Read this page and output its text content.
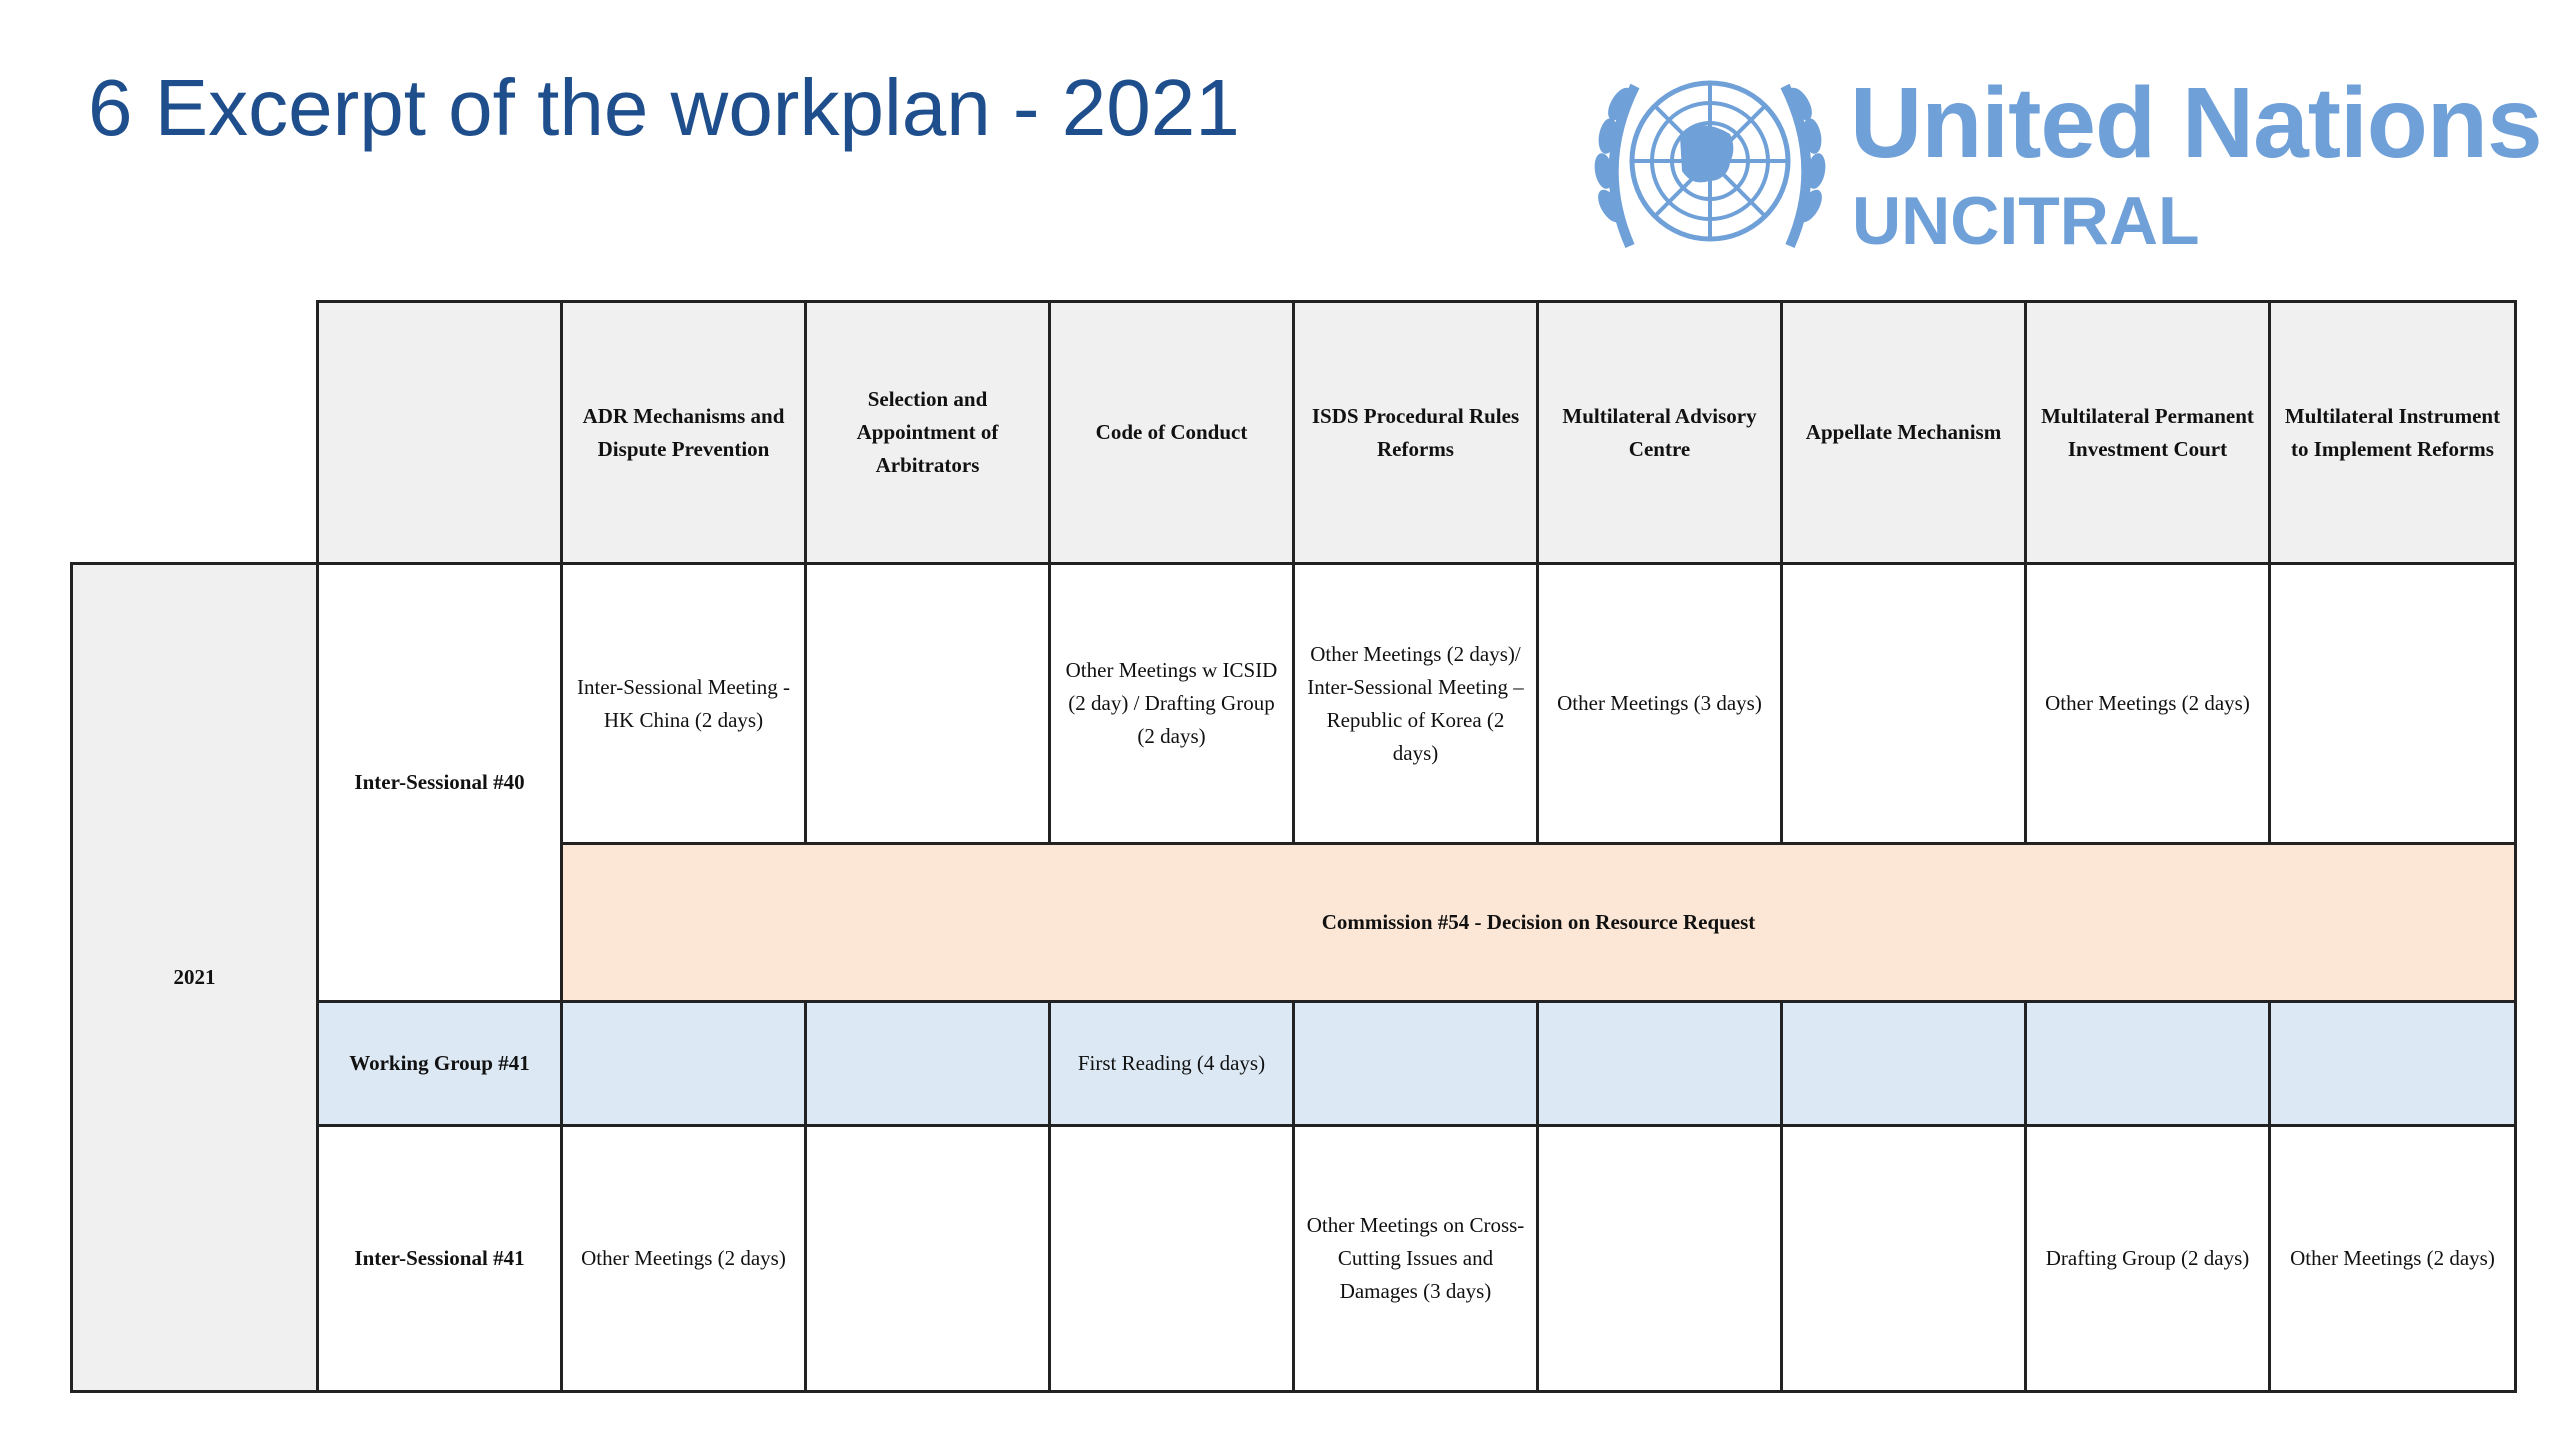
6 Excerpt of the workplan - 2021	United Nations
UNCITRAL
		ADR Mechanisms and Dispute Prevention	Selection and Appointment of Arbitrators	Code of Conduct	ISDS Procedural Rules Reforms	Multilateral Advisory Centre	Appellate Mechanism	Multilateral Permanent Investment Court	Multilateral Instrument to Implement Reforms
2021	Inter-Sessional #40	Inter-Sessional Meeting - HK China (2 days)		Other Meetings w ICSID (2 day) / Drafting Group (2 days)	Other Meetings (2 days)/ Inter-Sessional Meeting – Republic of Korea (2 days)	Other Meetings (3 days)		Other Meetings (2 days)	
		Commission #54 - Decision on Resource Request							
	Working Group #41			First Reading (4 days)					
	Inter-Sessional #41	Other Meetings (2 days)			Other Meetings on Cross-Cutting Issues and Damages (3 days)			Drafting Group (2 days)	Other Meetings (2 days)
